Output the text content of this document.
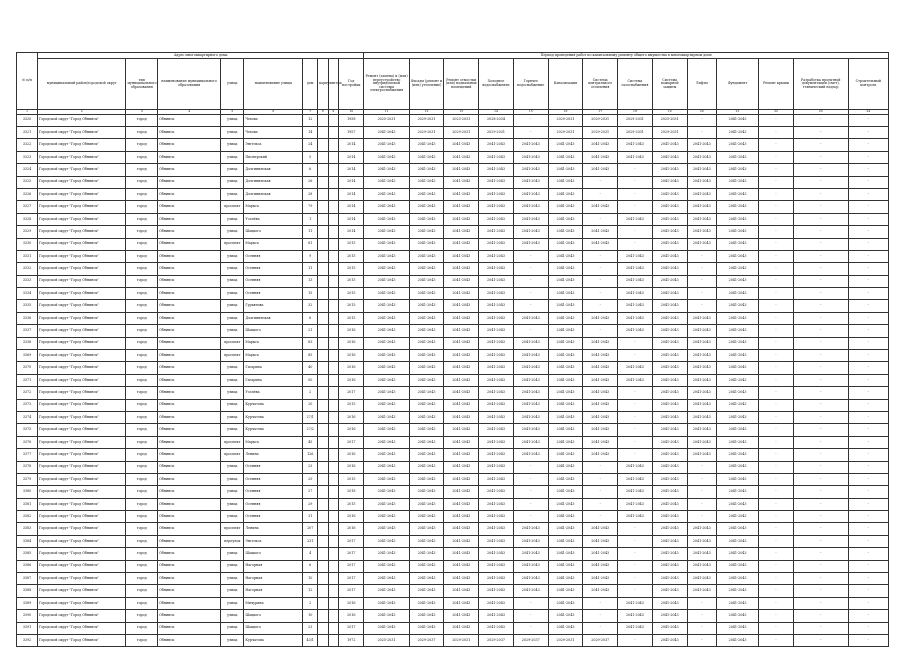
№ п/п	Адрес многоквартирного дома									Период проведения работ по капитальному ремонту общего имущества в многоквартирном доме													
	муниципальный район/городской округ	тип муниципального образования	наименование муниципального образования	улица	наименование улицы	дом	корпус	литера	Год постройки	Ремонт (замена) и (или) переустройство внутридомовой системы электроснабжения	Фасады (ремонт и (или) утепление)	Ремонт отмостки (или) подвальных помещений	Холодное водоснабжение	Горячее водоснабжение	Канализация	Система центрального отопления	Система газоснабжения	Система пожарной защиты	Лифты	Фундамент	Ремонт крыши	Разработка проектной документации (смет), технический надзор	Строительный контроль
1	2	3	4	5	6	7	8	9	10	11	12	13	14	15	16	17	18	19	20	21	22	23	24
3320	Городской округ "Город Обнинск"	город	Обнинск	улица	Чехова	12			1958	2025-2031	2029-2031	2023-2031	2028-2034	-	2029-2031	2029-2031	2029-2031	2025-2031	-	2041-2043	-	-	-
3321	Городской округ "Город Обнинск"	город	Обнинск	улица	Чехова	14			1957	2041-2043	2029-2031	2029-2031	2029-2031	-	2029-2031	2029-2031	2029-2031	2029-2031	-	2041-2043	-	-	-
3322	Городской округ "Город Обнинск"	город	Обнинск	улица	Энгельса	24			2014	2041-2043	2041-2043	2041-2043	2041-2043	2041-2043	2041-2043	2041-2043	2041-2043	2041-2043	2041-2043	2041-2043	-	-	-
3323	Городской округ "Город Обнинск"	город	Обнинск	улица	Пионерский	5			2014	2041-2043	2041-2043	2041-2043	2041-2043	2041-2043	2041-2043	2041-2043	2041-2043	2041-2043	2041-2043	2041-2043	-	-	-
3324	Городской округ "Город Обнинск"	город	Обнинск	улица	Долгининская	6			2014	2041-2043	2041-2043	2041-2043	2041-2043	2041-2043	2041-2043	2041-2043	-	2041-2043	2041-2043	2041-2043	-	-	-
3325	Городской округ "Город Обнинск"	город	Обнинск	улица	Долгининская	26			2014	2041-2043	2041-2043	2041-2043	2041-2043	2041-2043	2041-2043	-	-	2041-2043	2041-2043	2041-2043	-	-	-
3326	Городской округ "Город Обнинск"	город	Обнинск	улица	Долгининская	28			2014	2041-2043	2041-2043	2041-2043	2041-2043	2041-2043	2041-2043	-	-	2041-2043	2041-2043	2041-2043	-	-	-
3327	Городской округ "Город Обнинск"	город	Обнинск	проспект	Маркса	79			2014	2041-2043	2041-2043	2041-2043	2041-2043	2041-2043	2041-2043	2041-2043	-	2041-2043	2041-2043	2041-2043	-	-	-
3328	Городской округ "Город Обнинск"	город	Обнинск	улица	Усачёва	1			2014	2041-2043	2041-2043	2041-2043	2041-2043	2041-2043	2041-2043	-	2041-2043	2041-2043	2041-2043	2041-2043	-	-	-
3329	Городской округ "Город Обнинск"	город	Обнинск	улица	Шацкого	11			2014	2041-2043	2041-2043	2041-2043	2041-2043	2041-2043	2041-2043	2041-2043	-	2041-2043	2041-2043	2041-2043	-	-	-
3330	Городской округ "Город Обнинск"	город	Обнинск	проспект	Маркса	81			2015	2041-2043	2041-2043	2041-2043	2041-2043	2041-2043	2041-2043	2041-2043	-	2041-2043	2041-2043	2041-2043	-	-	-
3331	Городской округ "Город Обнинск"	город	Обнинск	улица	Осенняя	9			2015	2041-2043	2041-2043	2041-2043	2041-2043	-	2041-2043	-	2041-2043	2041-2043	-	2041-2043	-	-	-
3332	Городской округ "Город Обнинск"	город	Обнинск	улица	Осенняя	11			2015	2041-2043	2041-2043	2041-2043	2041-2043	-	2041-2043	-	2041-2043	2041-2043	-	2041-2043	-	-	-
3333	Городской округ "Город Обнинск"	город	Обнинск	улица	Осенняя	13			2015	2041-2043	2041-2043	2041-2043	2041-2043	-	2041-2043	-	2041-2043	2041-2043	-	2041-2043	-	-	-
3334	Городской округ "Город Обнинск"	город	Обнинск	улица	Осенняя	15			2015	2041-2043	2041-2043	2041-2043	2041-2043	-	2041-2043	-	2041-2043	2041-2043	-	2041-2043	-	-	-
3335	Городской округ "Город Обнинск"	город	Обнинск	улица	Гурьянова	32			2015	2041-2043	2041-2043	2041-2043	2041-2043	-	2041-2043	-	2041-2043	2041-2043	-	2041-2043	-	-	-
3336	Городской округ "Город Обнинск"	город	Обнинск	улица	Долгининская	6			2015	2041-2043	2041-2043	2041-2043	2041-2043	2041-2043	2041-2043	2041-2043	2041-2043	2041-2043	2041-2043	2041-2043	-	-	-
3337	Городской округ "Город Обнинск"	город	Обнинск	улица	Шацкого	21			2016	2041-2043	2041-2043	2041-2043	2041-2043	-	2041-2043	-	2041-2043	2041-2043	2041-2043	2041-2043	-	-	-
3338	Городской округ "Город Обнинск"	город	Обнинск	проспект	Маркса	83			2016	2041-2043	2041-2043	2041-2043	2041-2043	2041-2043	2041-2043	2041-2043	-	2041-2043	2041-2043	2041-2043	-	-	-
3369	Городской округ "Город Обнинск"	город	Обнинск	проспект	Маркса	85			2016	2041-2043	2041-2043	2041-2043	2041-2043	2041-2043	2041-2043	2041-2043	-	2041-2043	2041-2043	2041-2043	-	-	-
3370	Городской округ "Город Обнинск"	город	Обнинск	улица	Гагарина	40			2016	2041-2043	2041-2043	2041-2043	2041-2043	2041-2043	2041-2043	2041-2043	2041-2043	2041-2043	2041-2043	2041-2043	-	-	-
3371	Городской округ "Город Обнинск"	город	Обнинск	улица	Гагарина	50			2016	2041-2043	2041-2043	2041-2043	2041-2043	2041-2043	2041-2043	2041-2043	2041-2043	2041-2043	2041-2043	2041-2043	-	-	-
3372	Городской округ "Город Обнинск"	город	Обнинск	улица	Усачёва	2			2017	2041-2043	2041-2043	2041-2043	2041-2043	2041-2043	2041-2043	2041-2043	-	2041-2043	2041-2043	2041-2043	-	-	-
3373	Городской округ "Город Обнинск"	город	Обнинск	улица	Курчатова	20			2015	2041-2043	2041-2043	2041-2043	2041-2043	2041-2043	2041-2043	2041-2043	-	2041-2043	2041-2043	2041-2043	-	-	-
3374	Городской округ "Город Обнинск"	город	Обнинск	улица	Курчатова	27/1			2016	2041-2043	2041-2043	2041-2043	2041-2043	2041-2043	2041-2043	2041-2043	-	2041-2043	2041-2043	2041-2043	-	-	-
3375	Городской округ "Город Обнинск"	город	Обнинск	улица	Курчатова	27/2			2016	2041-2043	2041-2043	2041-2043	2041-2043	2041-2043	2041-2043	2041-2043	-	2041-2043	2041-2043	2041-2043	-	-	-
3376	Городской округ "Город Обнинск"	город	Обнинск	проспект	Маркса	45			2017	2041-2043	2041-2043	2041-2043	2041-2043	2041-2043	2041-2043	2041-2043	-	2041-2043	2041-2043	2041-2043	-	-	-
3377	Городской округ "Город Обнинск"	город	Обнинск	проспект	Ленина	126			2016	2041-2043	2041-2043	2041-2043	2041-2043	2041-2043	2041-2043	2041-2043	-	2041-2043	2041-2043	2041-2043	-	-	-
3378	Городской округ "Город Обнинск"	город	Обнинск	улица	Осенняя	23			2016	2041-2043	2041-2043	2041-2043	2041-2043	-	2041-2043	-	2041-2043	2041-2043	-	2041-2043	-	-	-
3379	Городской округ "Город Обнинск"	город	Обнинск	улица	Осенняя	25			2015	2041-2043	2041-2043	2041-2043	2041-2043	-	2041-2043	-	2041-2043	2041-2043	-	2041-2043	-	-	-
3380	Городской округ "Город Обнинск"	город	Обнинск	улица	Осенняя	27			2018	2041-2043	2041-2043	2041-2043	2041-2043	-	2041-2043	-	2041-2043	2041-2043	-	2041-2043	-	-	-
3381	Городской округ "Город Обнинск"	город	Обнинск	улица	Осенняя	29			2015	2041-2043	2041-2043	2041-2043	2041-2043	-	2041-2043	-	2041-2043	2041-2043	-	2041-2043	-	-	-
3382	Городской округ "Город Обнинск"	город	Обнинск	улица	Осенняя	31			2016	2041-2043	2041-2043	2041-2043	2041-2043	-	2041-2043	-	2041-2043	2041-2043	-	2041-2043	-	-	-
3383	Городской округ "Город Обнинск"	город	Обнинск	проспект	Ленина	207			2016	2041-2043	2041-2043	2041-2043	2041-2043	2041-2043	2041-2043	2041-2043	-	2041-2043	2041-2043	2041-2043	-	-	-
3384	Городской округ "Город Обнинск"	город	Обнинск	переулок	Энгельса	231			2017	2041-2043	2041-2043	2041-2043	2041-2043	2041-2043	2041-2043	2041-2043	-	2041-2043	2041-2043	2041-2043	-	-	-
3385	Городской округ "Город Обнинск"	город	Обнинск	улица	Шацкого	4			2017	2041-2043	2041-2043	2041-2043	2041-2043	2041-2043	2041-2043	2041-2043	-	2041-2043	2041-2043	2041-2043	-	-	-
3386	Городской округ "Город Обнинск"	город	Обнинск	улица	Нагорная	6			2017	2041-2043	2041-2043	2041-2043	2041-2043	2041-2043	2041-2043	2041-2043	-	2041-2043	2041-2043	2041-2043	-	-	-
3387	Городской округ "Город Обнинск"	город	Обнинск	улица	Нагорная	10			2017	2041-2043	2041-2043	2041-2043	2041-2043	2041-2043	2041-2043	2041-2043	-	2041-2043	2041-2043	2041-2043	-	-	-
3388	Городской округ "Город Обнинск"	город	Обнинск	улица	Нагорная	12			2017	2041-2043	2041-2043	2041-2043	2041-2043	2041-2043	2041-2043	2041-2043	-	2041-2043	2041-2043	2041-2043	-	-	-
3389	Городской округ "Город Обнинск"	город	Обнинск	улица	Мичурина	2			2016	2041-2043	2041-2043	2041-2043	2041-2043	-	2041-2043	-	2041-2043	2041-2043	-	2041-2043	-	-	-
3390	Городской округ "Город Обнинск"	город	Обнинск	улица	Шацкого	10			2016	2041-2043	2041-2043	2041-2043	2041-2043	-	2041-2043	-	2041-2043	2041-2043	-	2041-2043	-	-	-
3391	Городской округ "Город Обнинск"	город	Обнинск	улица	Шацкого	23			2017	2041-2043	2041-2043	2041-2043	2041-2043	-	2041-2043	-	2041-2043	2041-2043	-	2041-2043	-	-	-
3392	Городской округ "Город Обнинск"	город	Обнинск	улица	Курчатова	43/1			1972	2025-2031	2029-2037	2029-2031	2029-2037	2029-2037	2029-2031	2029-2037	-	2041-2043	-	2041-2043	-	-	-
